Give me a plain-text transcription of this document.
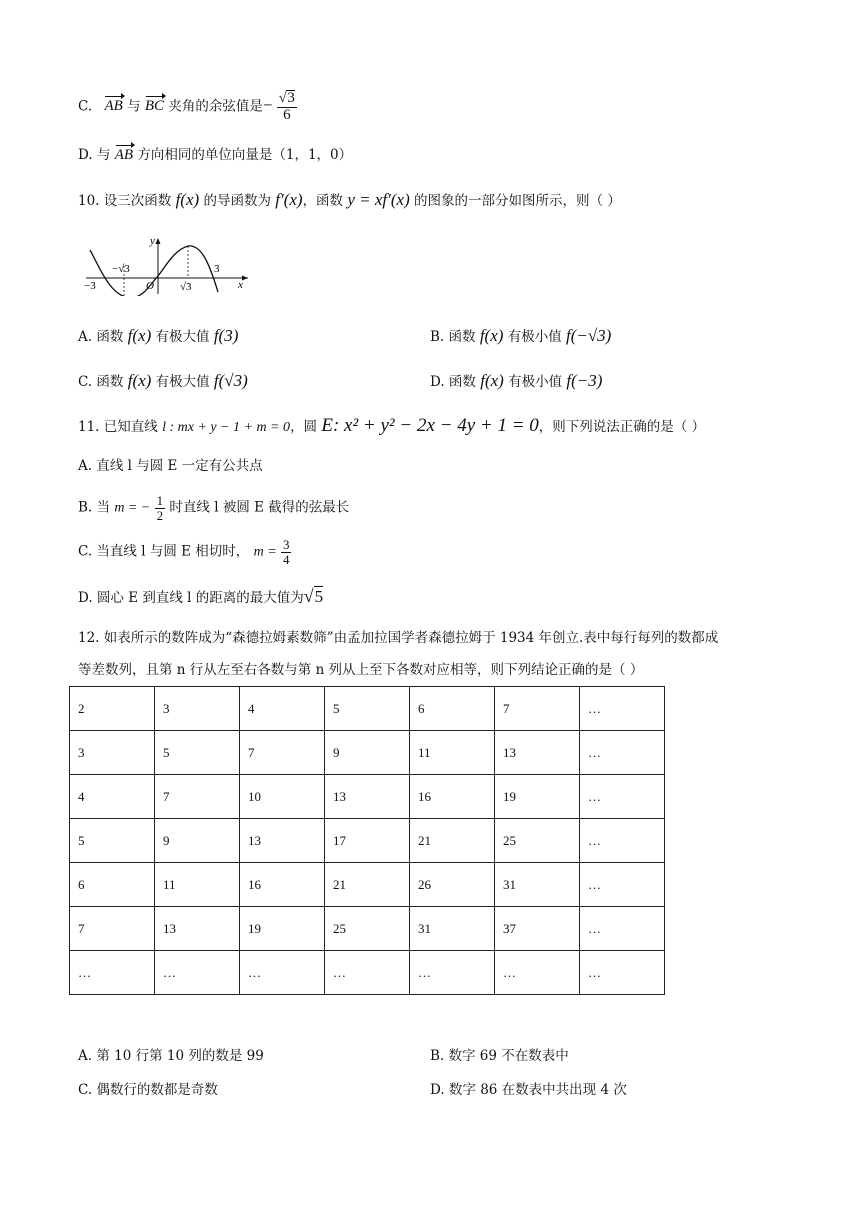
C. AB 与 BC 夹角的余弦值是− $\frac{√3}{6}$
D. 与 AB 方向相同的单位向量是（1，1，0）
10. 设三次函数 f(x) 的导函数为 f′(x)，函数 y = xf′(x) 的图象的一部分如图所示，则（ ）
y
x
O
−3
−√3
√3
3
A. 函数 f(x) 有极大值 f(3)	B. 函数 f(x) 有极小值 f(−√3)
C. 函数 f(x) 有极大值 f(√3)	D. 函数 f(x) 有极小值 f(−3)
11. 已知直线 l : mx + y − 1 + m = 0，圆 E: x² + y² − 2x − 4y + 1 = 0，则下列说法正确的是（ ）
A. 直线 l 与圆 E 一定有公共点
B. 当 m = − $\frac{1}{2}$ 时直线 l 被圆 E 截得的弦最长
C. 当直线 l 与圆 E 相切时， $m = \frac{3}{4}$
D. 圆心 E 到直线 l 的距离的最大值为√5
12. 如表所示的数阵成为“森德拉姆素数筛”由孟加拉国学者森德拉姆于 1934 年创立.表中每行每列的数都成
等差数列，且第 n 行从左至右各数与第 n 列从上至下各数对应相等，则下列结论正确的是（ ）
2	3	4	5	6	7	…
3	5	7	9	11	13	…
4	7	10	13	16	19	…
5	9	13	17	21	25	…
6	11	16	21	26	31	…
7	13	19	25	31	37	…
…	…	…	…	…	…	…
A. 第 10 行第 10 列的数是 99	B. 数字 69 不在数表中
C. 偶数行的数都是奇数	D. 数字 86 在数表中共出现 4 次
